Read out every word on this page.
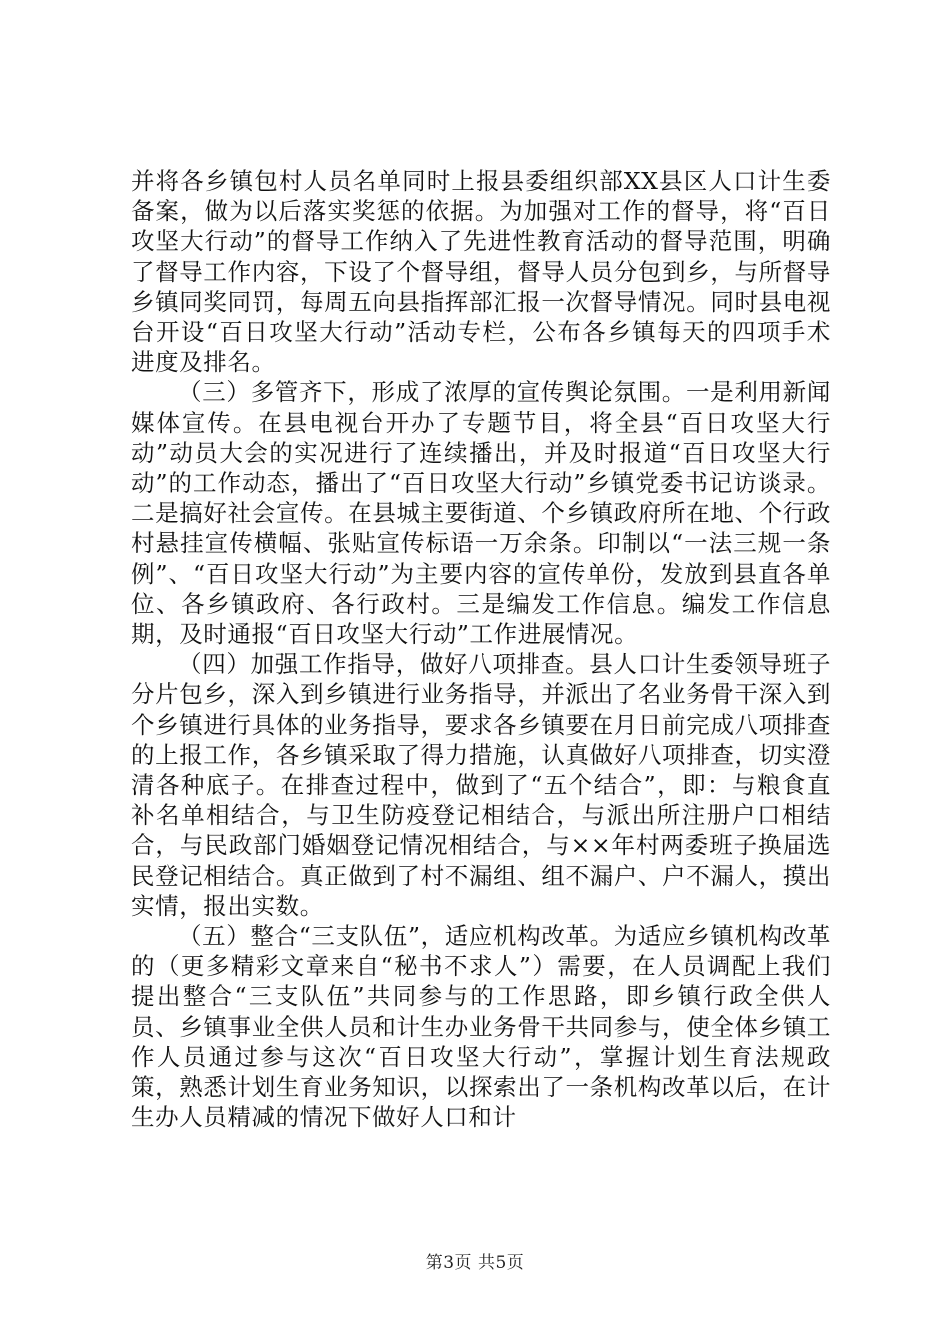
并将各乡镇包村人员名单同时上报县委组织部XX县区人口计生委备案，做为以后落实奖惩的依据。为加强对工作的督导，将“百日攻坚大行动”的督导工作纳入了先进性教育活动的督导范围，明确了督导工作内容，下设了个督导组，督导人员分包到乡，与所督导乡镇同奖同罚，每周五向县指挥部汇报一次督导情况。同时县电视台开设“百日攻坚大行动”活动专栏，公布各乡镇每天的四项手术进度及排名。

（三）多管齐下，形成了浓厚的宣传舆论氛围。一是利用新闻媒体宣传。在县电视台开办了专题节目，将全县“百日攻坚大行动”动员大会的实况进行了连续播出，并及时报道“百日攻坚大行动”的工作动态，播出了“百日攻坚大行动”乡镇党委书记访谈录。二是搞好社会宣传。在县城主要街道、个乡镇政府所在地、个行政村悬挂宣传横幅、张贴宣传标语一万余条。印制以“一法三规一条例”、“百日攻坚大行动”为主要内容的宣传单份，发放到县直各单位、各乡镇政府、各行政村。三是编发工作信息。编发工作信息期，及时通报“百日攻坚大行动”工作进展情况。

（四）加强工作指导，做好八项排查。县人口计生委领导班子分片包乡，深入到乡镇进行业务指导，并派出了名业务骨干深入到个乡镇进行具体的业务指导，要求各乡镇要在月日前完成八项排查的上报工作，各乡镇采取了得力措施，认真做好八项排查，切实澄清各种底子。在排查过程中，做到了“五个结合”，即：与粮食直补名单相结合，与卫生防疫登记相结合，与派出所注册户口相结合，与民政部门婚姻登记情况相结合，与××年村两委班子换届选民登记相结合。真正做到了村不漏组、组不漏户、户不漏人，摸出实情，报出实数。

（五）整合“三支队伍”，适应机构改革。为适应乡镇机构改革的（更多精彩文章来自“秘书不求人”）需要，在人员调配上我们提出整合“三支队伍”共同参与的工作思路，即乡镇行政全供人员、乡镇事业全供人员和计生办业务骨干共同参与，使全体乡镇工作人员通过参与这次“百日攻坚大行动”，掌握计划生育法规政策，熟悉计划生育业务知识，以探索出了一条机构改革以后，在计生办人员精减的情况下做好人口和计

第3页 共5页
